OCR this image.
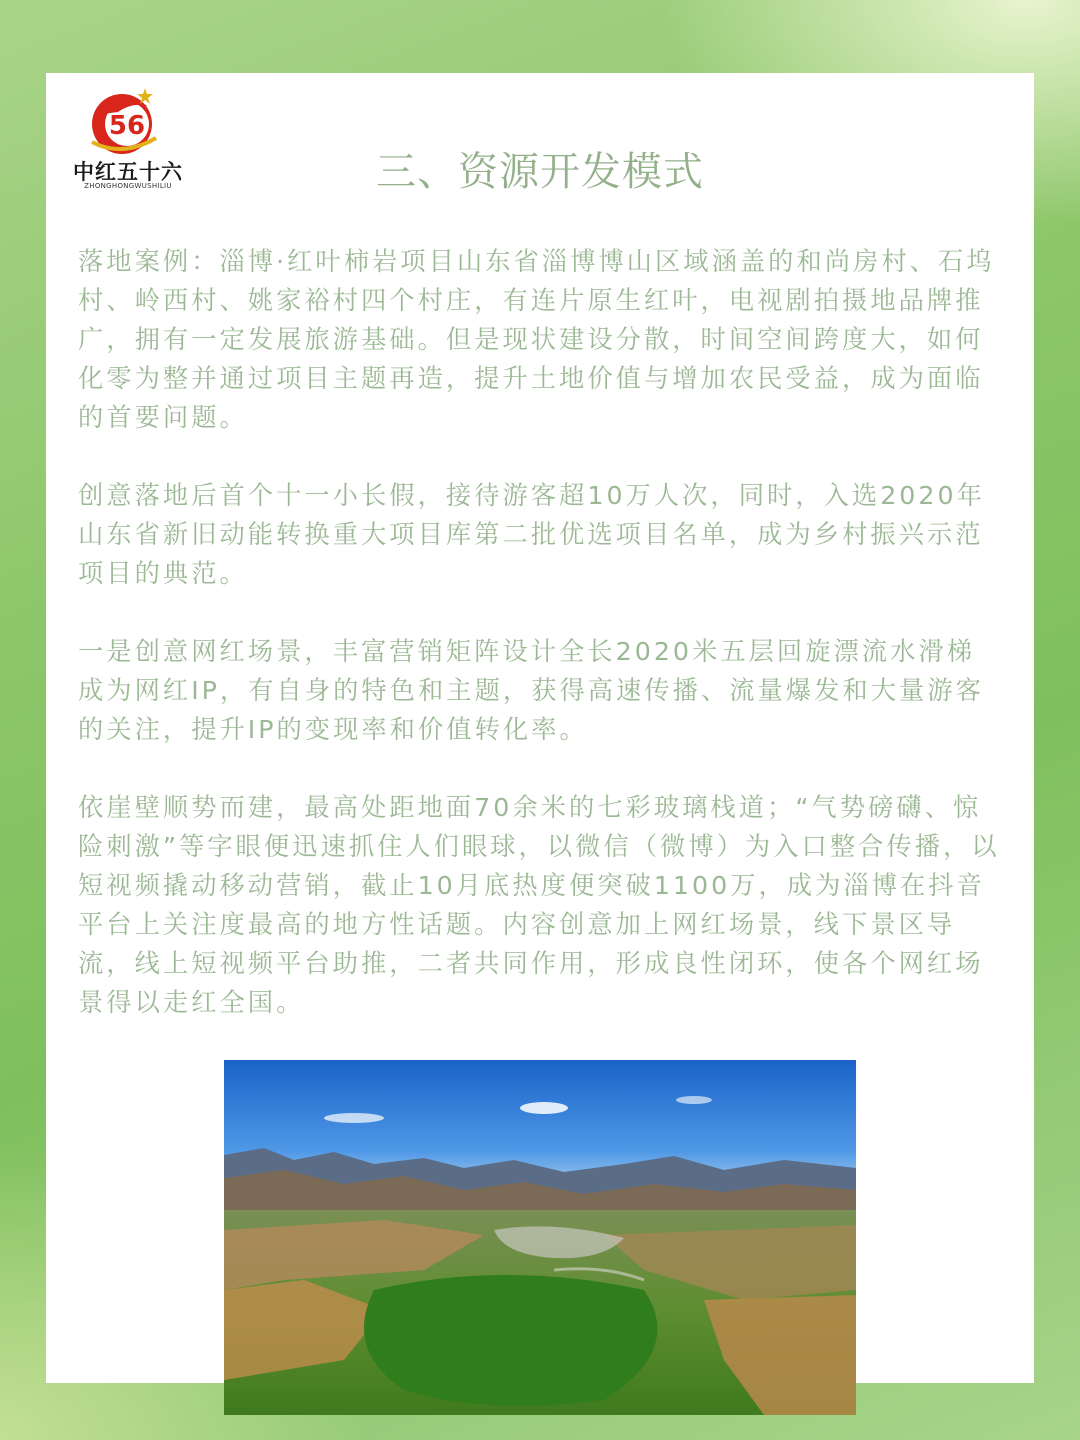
56
中红五十六
ZHONGHONGWUSHILIU	三、资源开发模式

落地案例：淄博·红叶柿岩项目山东省淄博博山区域涵盖的和尚房村、石坞村、岭西村、姚家裕村四个村庄，有连片原生红叶，电视剧拍摄地品牌推广，拥有一定发展旅游基础。但是现状建设分散，时间空间跨度大，如何化零为整并通过项目主题再造，提升土地价值与增加农民受益，成为面临的首要问题。

创意落地后首个十一小长假，接待游客超10万人次，同时，入选2020年山东省新旧动能转换重大项目库第二批优选项目名单，成为乡村振兴示范项目的典范。

一是创意网红场景，丰富营销矩阵设计全长2020米五层回旋漂流水滑梯成为网红IP，有自身的特色和主题，获得高速传播、流量爆发和大量游客的关注，提升IP的变现率和价值转化率。

依崖壁顺势而建，最高处距地面70余米的七彩玻璃栈道；“气势磅礴、惊险刺激”等字眼便迅速抓住人们眼球，以微信（微博）为入口整合传播，以短视频撬动移动营销，截止10月底热度便突破1100万，成为淄博在抖音平台上关注度最高的地方性话题。内容创意加上网红场景，线下景区导流，线上短视频平台助推，二者共同作用，形成良性闭环，使各个网红场景得以走红全国。
